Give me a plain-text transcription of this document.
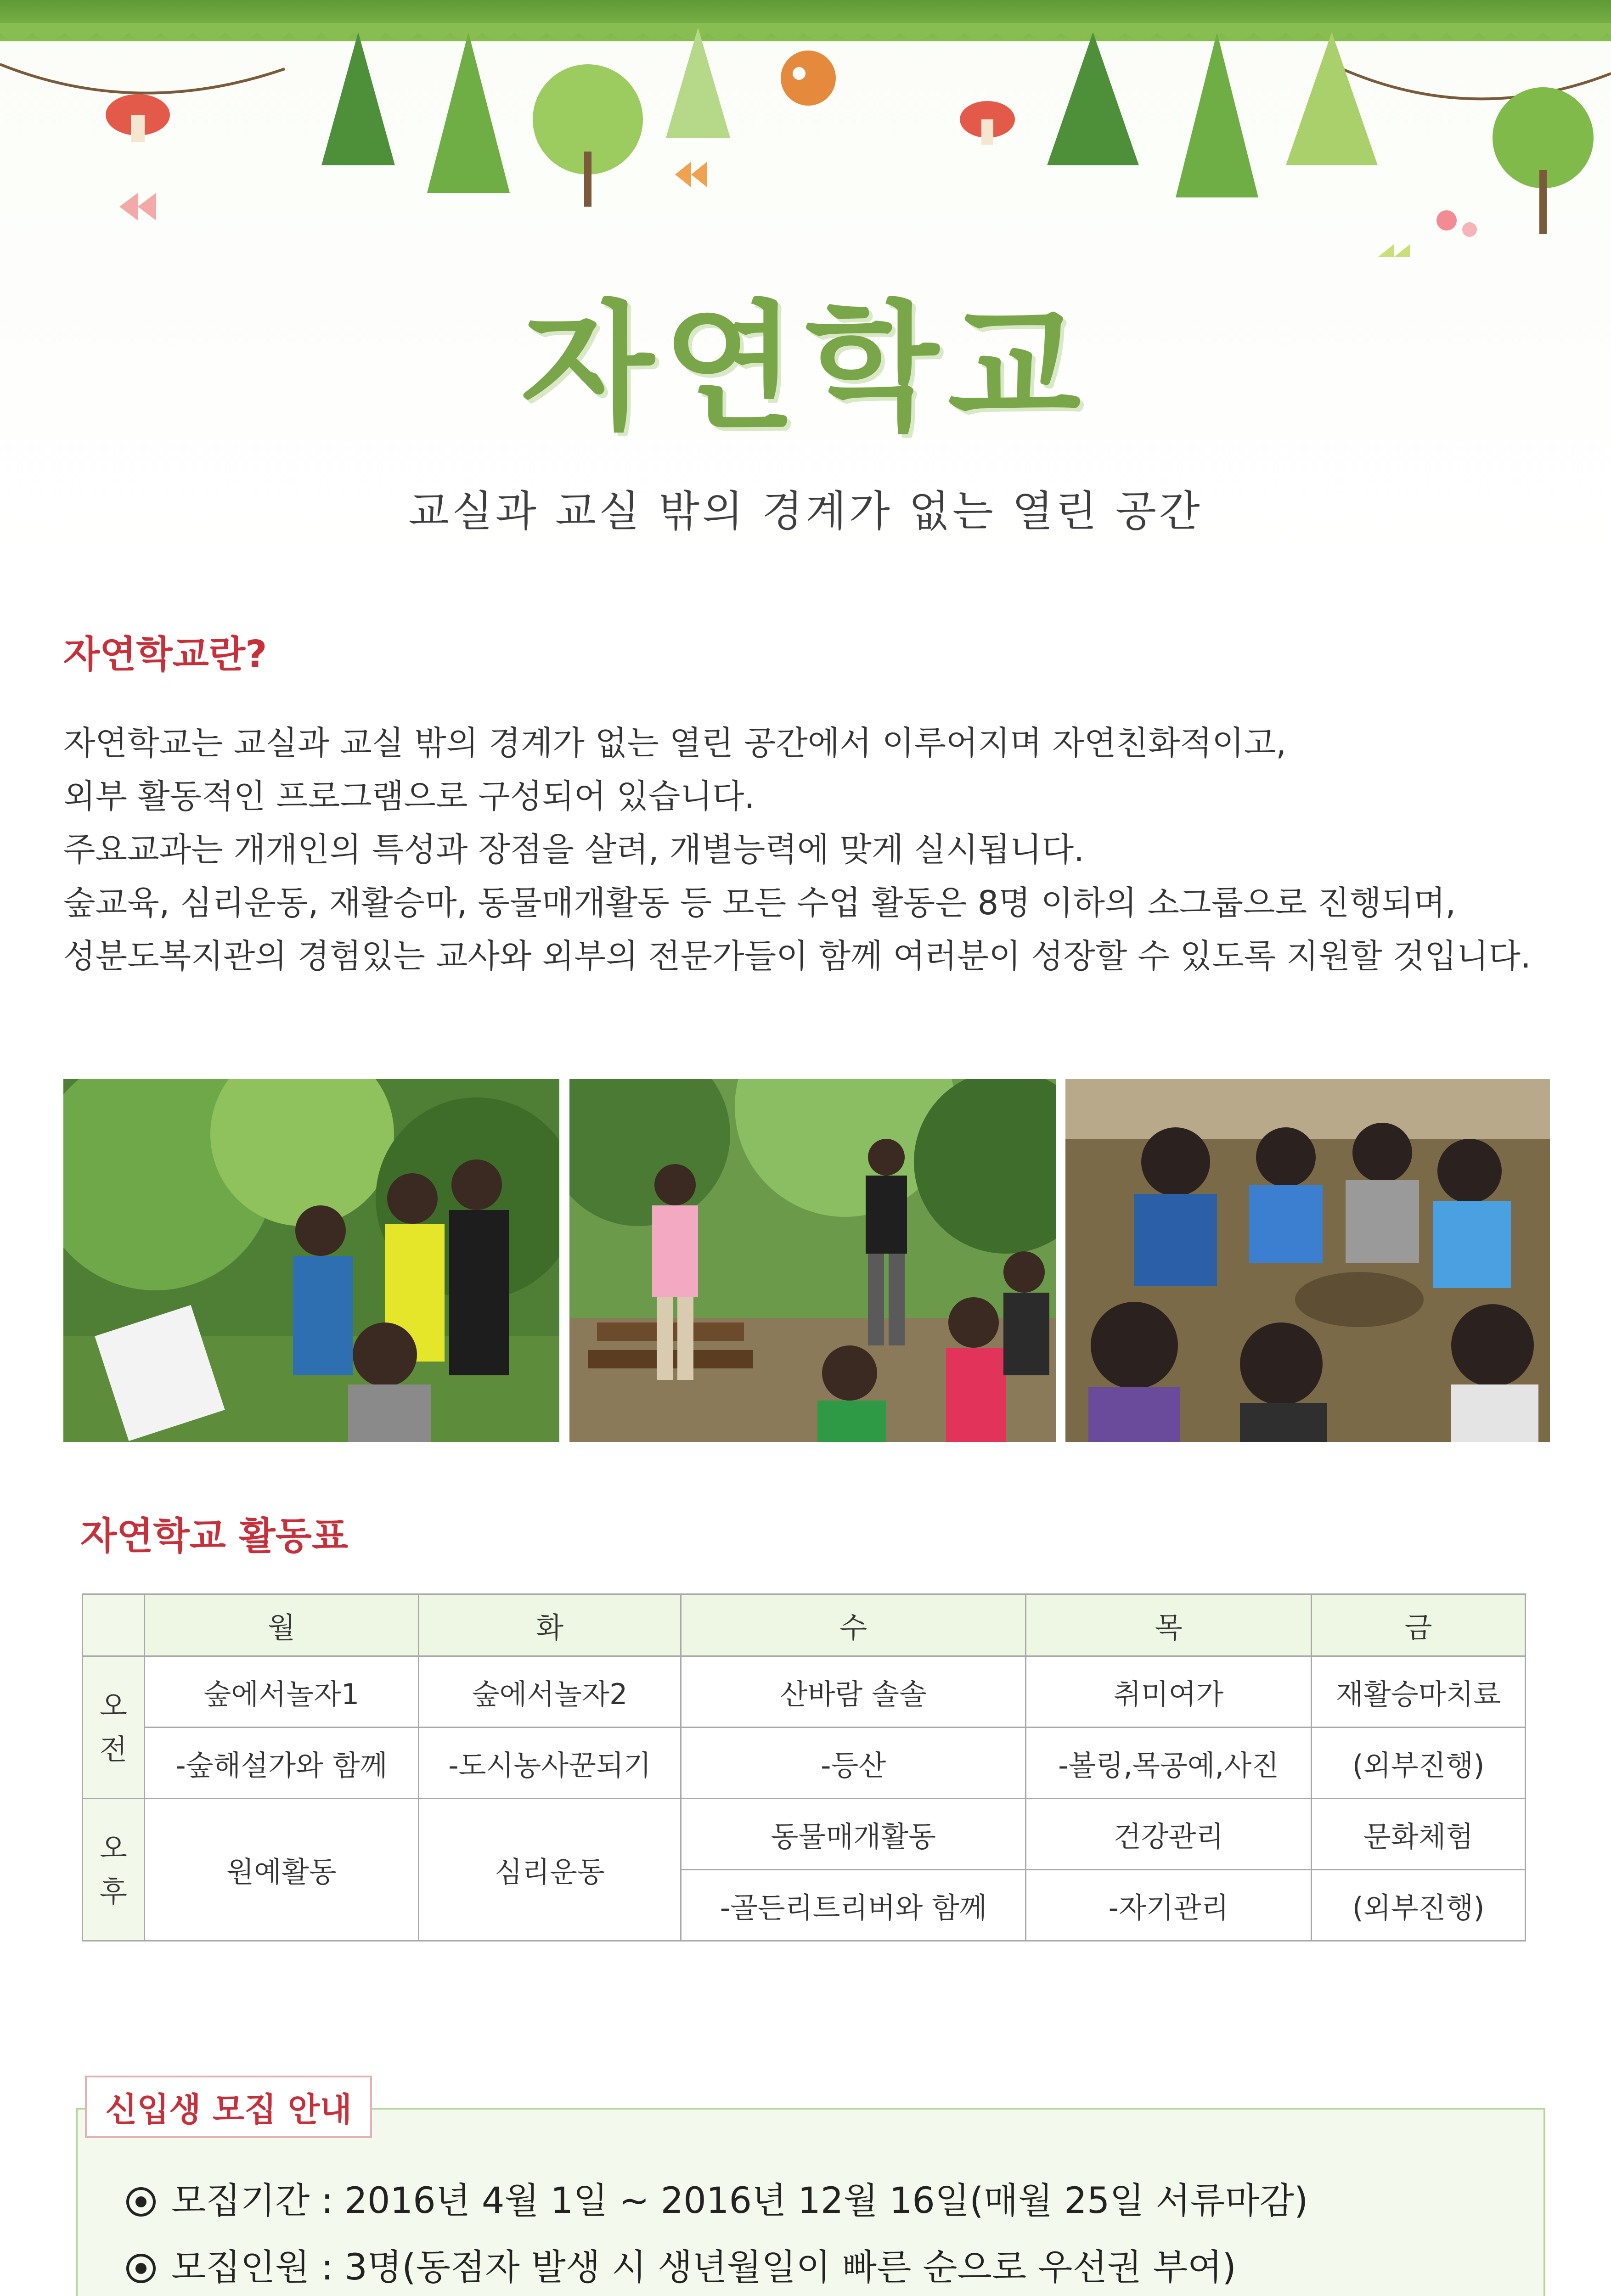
자연학교
교실과 교실 밖의 경계가 없는 열린 공간
자연학교란?
자연학교는 교실과 교실 밖의 경계가 없는 열린 공간에서 이루어지며 자연친화적이고,
외부 활동적인 프로그램으로 구성되어 있습니다.
주요교과는 개개인의 특성과 장점을 살려, 개별능력에 맞게 실시됩니다.
숲교육, 심리운동, 재활승마, 동물매개활동 등 모든 수업 활동은 8명 이하의 소그룹으로 진행되며,
성분도복지관의 경험있는 교사와 외부의 전문가들이 함께 여러분이 성장할 수 있도록 지원할 것입니다.
자연학교 활동표
	월	화	수	목	금
오
전	숲에서놀자1	숲에서놀자2	산바람 솔솔	취미여가	재활승마치료
	-숲해설가와 함께	-도시농사꾼되기	-등산	-볼링,목공예,사진	(외부진행)
오
후	원예활동	심리운동	동물매개활동	건강관리	문화체험
			-골든리트리버와 함께	-자기관리	(외부진행)
신입생 모집 안내
모집기간 : 2016년 4월 1일 ~ 2016년 12월 16일(매월 25일 서류마감)
모집인원 : 3명(동점자 발생 시 생년월일이 빠른 순으로 우선권 부여)
